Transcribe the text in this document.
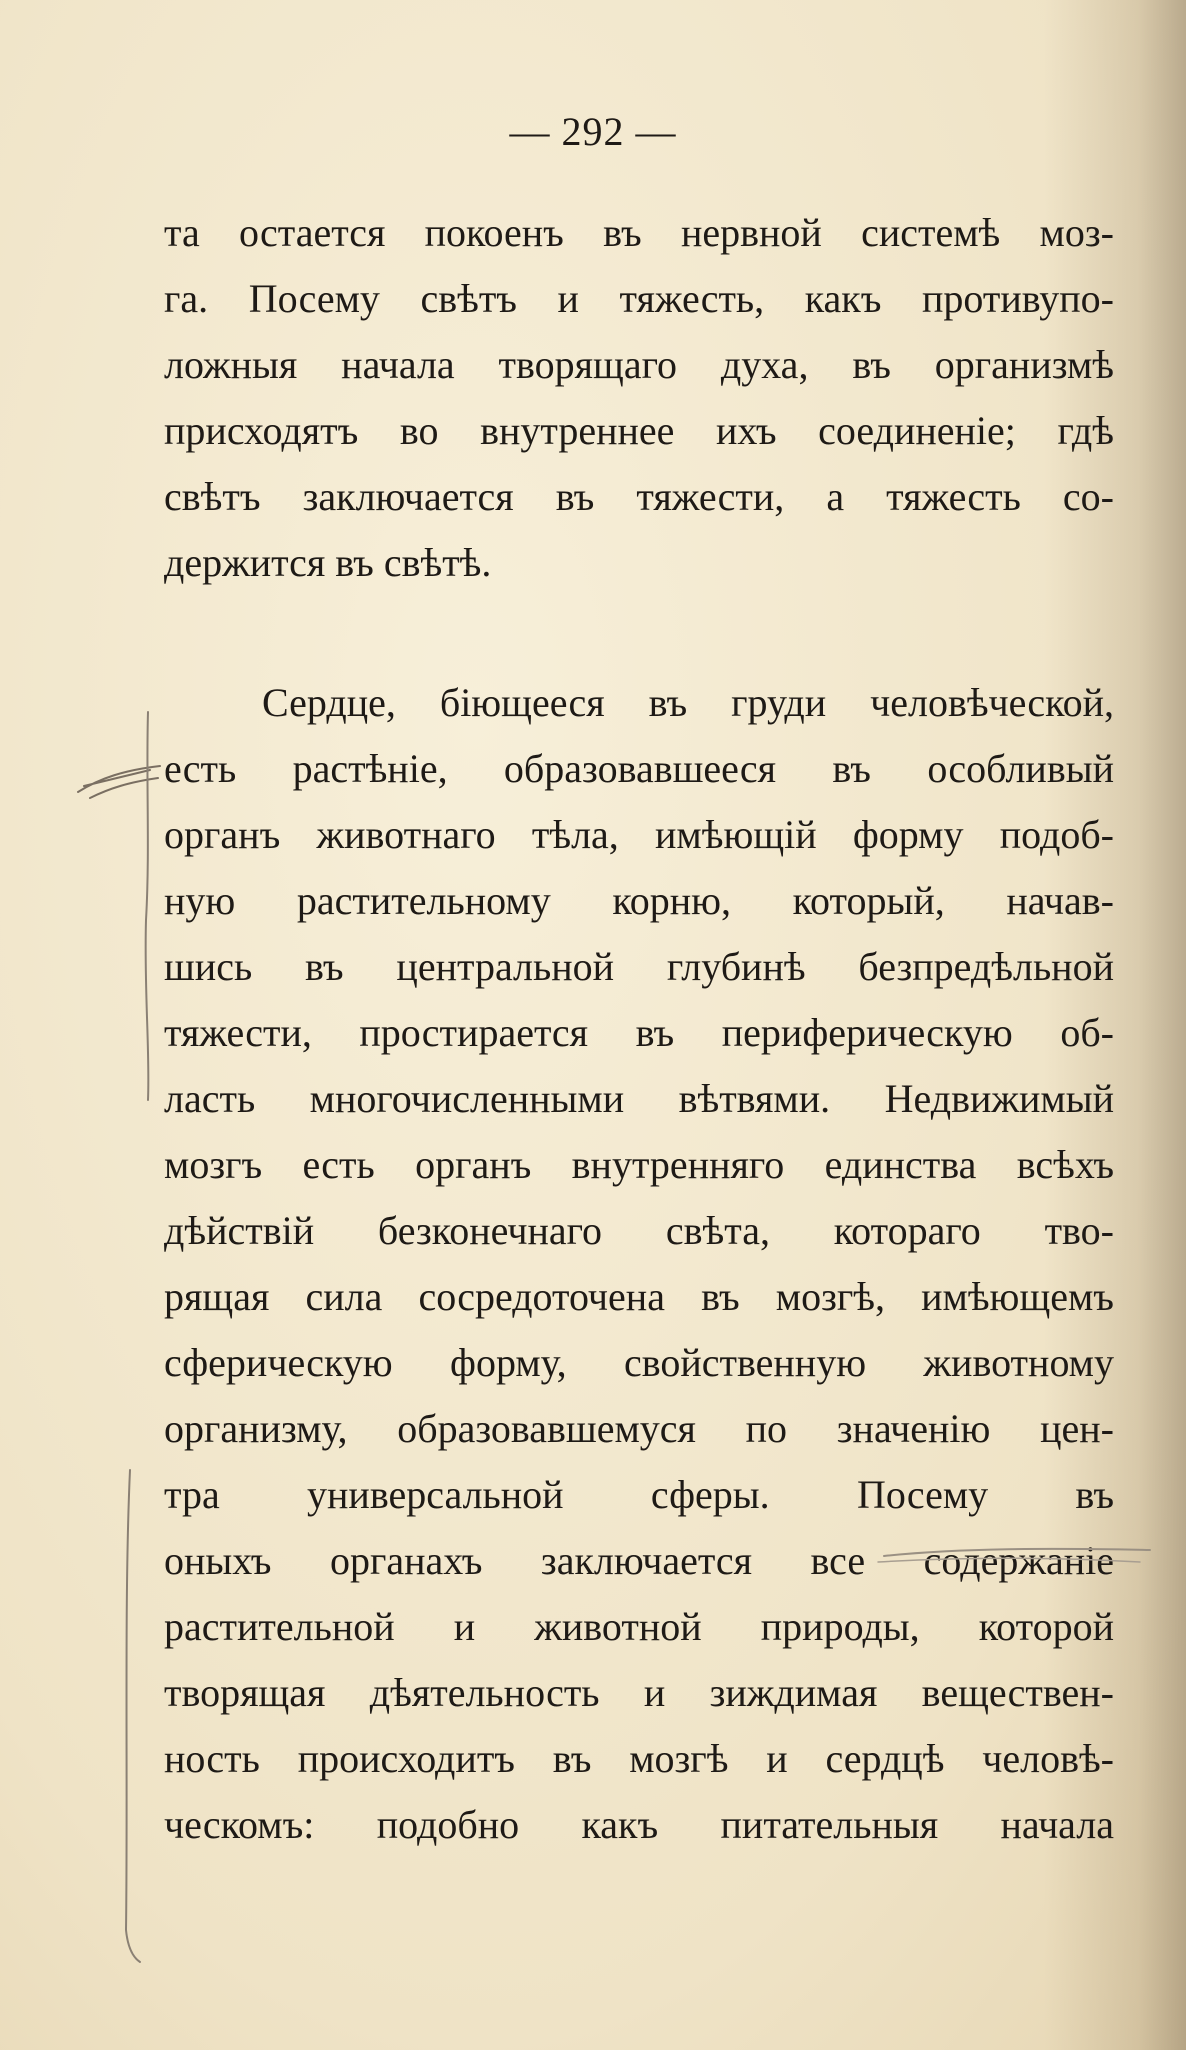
— 292 —
та остается покоенъ въ нервной системѣ моз-
га. Посему свѣтъ и тяжесть, какъ противупо-
ложныя начала творящаго духа, въ организмѣ
присходятъ во внутреннее ихъ соединеніе; гдѣ
свѣтъ заключается въ тяжести, а тяжесть со-
держится въ свѣтѣ.
Сердце, біющееся въ груди человѣческой,
есть растѣніе, образовавшееся въ особливый
органъ животнаго тѣла, имѣющій форму подоб-
ную растительному корню, который, начав-
шись въ центральной глубинѣ безпредѣльной
тяжести, простирается въ периферическую об-
ласть многочисленными вѣтвями. Недвижимый
мозгъ есть органъ внутренняго единства всѣхъ
дѣйствій безконечнаго свѣта, котораго тво-
рящая сила сосредоточена въ мозгѣ, имѣющемъ
сферическую форму, свойственную животному
организму, образовавшемуся по значенію цен-
тра универсальной сферы. Посему въ
оныхъ органахъ заключается все содержаніе
растительной и животной природы, которой
творящая дѣятельность и зиждимая веществен-
ность происходитъ въ мозгѣ и сердцѣ человѣ-
ческомъ: подобно какъ питательныя начала
